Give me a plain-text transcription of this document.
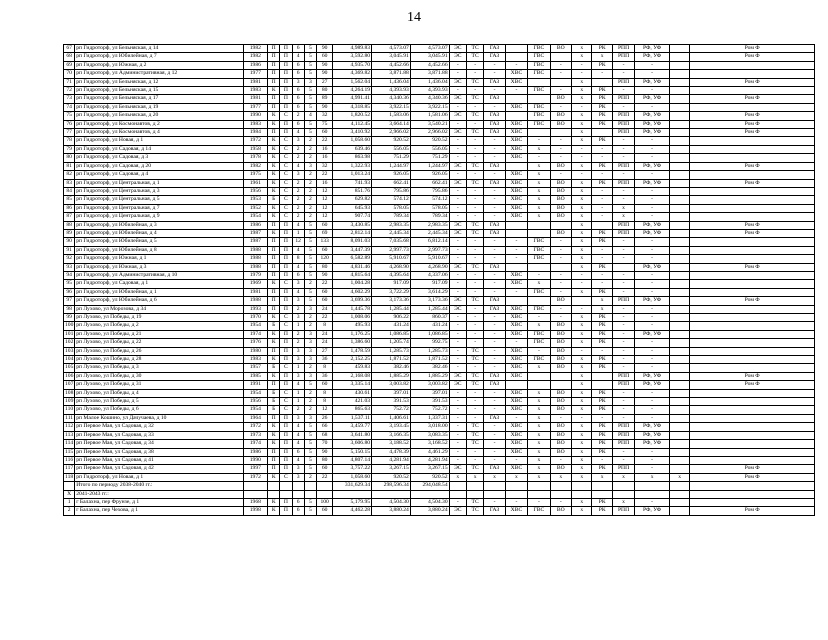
14
67	рп Гидроторф, ул Бельняская, д 14	1982	П	П	6	5	90	4,989.83	4,573.07	4,573.07	ЭС	ТС	ГАЗ		ГВС	ВО	х	РК	РПП	РФ, УФ		Ром Ф
68	рп Гидроторф, ул Юбилейная, д 7	1982	П	П	4	5	60	3,592.80	3,045.91	3,045.91	ЭС	ТС	ГАЗ		ГВС		х	х	РПП	РФ, УФ		Ром Ф
69	рп Гидроторф, ул Южная, д 2	1986	П	П	6	5	90	4,935.70	4,452.66	4,452.66	-	-	-	-	ГВС	-	-	РК	-	-		
70	рп Гидроторф, ул Административная, д 12	1977	П	П	6	5	90	4,369.82	3,871.88	3,871.88	-	-	-	ХВС	ГВС	-	-	-	-	-		
71	рп Гидроторф, ул Бельняская, д 12	1981	П	П	3	3	27	1,562.04	1,436.04	1,436.04	ЭС	ТС	ГАЗ	ХВС			х		РПП	РФ, УФ		Ром Ф
72	рп Гидроторф, ул Бельняская, д 15	1983	К	П	6	5	80	4,264.19	4,393.93	4,393.93	-	-	-	-	ГВС	-	х	РК	-	-		
73	рп Гидроторф, ул Бельняская, д 17	1981	П	П	6	5	89	4,991.41	4,340.36	4,340.36	ЭС	ТС	ГАЗ			ВО	х	РК	РПП	РФ, УФ		Ром Ф
74	рп Гидроторф, ул Бельняская, д 19	1977	П	П	6	5	90	4,318.85	3,922.15	3,922.15	-	-	-	ХВС	ГВС	-	-	РК	-	-		
75	рп Гидроторф, ул Бельняская, д 20	1990	К	С	2	4	32	1,820.52	1,583.06	1,581.06	ЭС	ТС	ГАЗ		ГВС	ВО	х	РК	РПП	РФ, УФ		Ром Ф
76	рп Гидроторф, ул Космонавтов, д 2	1983	К	П	6	5	75	4,112.45	3,664.14	3,540.21	-	-	ГАЗ	ХВС	ГВС	ВО	х	РК	РПП	РФ, УФ		Ром Ф
77	рп Гидроторф, ул Космонавтов, д 4	1984	П	П	4	5	60	3,410.92	2,966.02	2,966.02	ЭС	ТС	ГАЗ	ХВС			х		РПП	РФ, УФ		Ром Ф
78	рп Гидроторф, ул Новая, д 1	1972	К	С	3	2	22	1,058.60	920.52	920.52	-	-	-	ХВС	-	-	х	РК	-	-		
79	рп Гидроторф, ул Садовая, д 14	1958	К	С	2	2	16	639.46	556.05	556.05	-	-	-	ХВС	х	-	-	-	-	-		
80	рп Гидроторф, ул Садовая, д 3	1978	К	С	2	2	16	863.98	751.29	751.29	-	-	-	ХВС	-	-	-	-	-	-		
81	рп Гидроторф, ул Садовая, д 20	1982	К	С	4	3	32	1,322.93	1,244.97	1,244.97	ЭС	ТС	ГАЗ		х	ВО	х	РК	РПП	РФ, УФ		Ром Ф
82	рп Гидроторф, ул Садовая, д 4	1975	К	С	3	2	22	1,013.24	926.05	926.05	-	-	-	ХВС	х	-	-	-	-	-		
83	рп Гидроторф, ул Центральная, д 1	1961	К	С	2	2	16	741.93	662.41	662.41	ЭС	ТС	ГАЗ	ХВС	х	ВО	х	РК	РПП	РФ, УФ		Ром Ф
84	рп Гидроторф, ул Центральная, д 3	1956	К	С	2	2	12	851.76	795.86	795.86	-	-	-	ХВС	х	ВО	х	-	-	-		
85	рп Гидроторф, ул Центральная, д 5	1953	Б	С	2	2	12	629.82	574.12	574.12	-	-	-	ХВС	х	ВО	х	-	-	-		
86	рп Гидроторф, ул Центральная, д 7	1952	К	С	2	2	12	645.93	578.05	578.05	-	-	-	ХВС	х	ВО	х	-	х	-		
87	рп Гидроторф, ул Центральная, д 9	1954	К	С	2	2	12	907.74	789.34	789.34	-	-	-	ХВС	х	ВО	х	-	х	-		
88	рп Гидроторф, ул Юбилейная, д 3	1986	П	П	4	5	60	3,430.85	2,983.35	2,983.35	ЭС	ТС	ГАЗ				х		РПП	РФ, УФ		Ром Ф
89	рп Гидроторф, ул Юбилейная, д 4	1987	К	П	1	5	69	2,812.14	2,445.34	2,445.34	ЭС	ТС	ГАЗ			ВО	х	РК	РПП	РФ, УФ		Ром Ф
90	рп Гидроторф, ул Юбилейная, д 5	1987	П	П	12	5	133	8,091.03	7,035.68	6,812.14	-	-	-	-	ГВС	-	х	РК	-	-		
91	рп Гидроторф, ул Юбилейная, д 8	1988	П	П	4	5	60	3,447.39	2,997.73	2,997.73	-	-	-	-	ГВС	-	х	-	-	-		
92	рп Гидроторф, ул Южная, д 1	1988	П	П	8	5	120	6,582.89	5,910.67	5,910.67	-	-	-	-	ГВС	-	х	-	-	-		
93	рп Гидроторф, ул Южная, д 3	1988	П	П	4	5	80	4,831.46	4,268.90	4,268.90	ЭС	ТС	ГАЗ				х	РК		РФ, УФ		Ром Ф
94	рп Гидроторф, ул Административная, д 10	1979	П	П	6	5	90	4,815.64	4,395.64	4,337.06	-	-	-	ХВС	-	-	-	-	-	-		
95	рп Гидроторф, ул Садовая, д 1	1969	К	С	3	2	22	1,004.28	917.09	917.09	-	-	-	ХВС	х	-	-	-	-	-		
96	рп Гидроторф, ул Юбилейная, д 1	1981	П	П	4	5	60	4,602.29	3,722.29	3,614.29	-	-	-	-	ГВС	-	х	РК	-	-		
97	рп Гидроторф, ул Юбилейная, д 6	1988	П	П	3	5	60	3,699.36	3,173.36	3,173.36	ЭС	ТС	ГАЗ			ВО		х	РПП	РФ, УФ		Ром Ф
98	рп Лухово, ул Морозова, д 34	1993	П	П	2	3	24	1,445.78	1,285.44	1,285.44	ЭС	-	ГАЗ	ХВС	ГВС	-	-	х	-	-		
99	рп Лухово, ул Победы, д 19	1970	К	С	3	2	22	1,008.06	906.22	860.37	-	-	-	ХВС	-	-	х	РК	-	-		
100	рп Лухово, ул Победы, д 2	1954	Б	С	1	2	8	495.93	431.24	431.24	-	-	-	ХВС	х	ВО	х	РК	-	-		
101	рп Лухово, ул Победы, д 21	1974	К	П	2	3	24	1,176.25	1,086.85	1,086.85	-	-	-	ХВС	ГВС	ВО	х	РК	-	РФ, УФ		
102	рп Лухово, ул Победы, д 22	1976	К	П	2	3	24	1,386.60	1,205.74	992.75	-	-	-	-	ГВС	ВО	х	РК	-	-		
103	рп Лухово, ул Победы, д 26	1980	П	П	3	3	27	1,478.59	1,285.73	1,285.73	-	ТС	-	ХВС	-	ВО	-	-	-	-		
104	рп Лухово, ул Победы, д 28	1983	К	П	3	3	36	2,152.25	1,871.52	1,871.52	-	ТС	-	ХВС	ГВС	ВО	х	РК	-	-		
105	рп Лухово, ул Победы, д 3	1957	Б	С	1	2	8	459.83	382.46	382.46	-	-	-	ХВС	х	ВО	х	РК	-	-		
106	рп Лухово, ул Победы, д 30	1985	К	П	3	3	36	2,168.08	1,885.29	1,885.29	ЭС	ТС	ГАЗ	ХВС			х		РПП	РФ, УФ		Ром Ф
107	рп Лухово, ул Победы, д 31	1991	П	П	4	5	60	3,335.14	3,003.82	3,003.82	ЭС	ТС	ГАЗ				х		РПП	РФ, УФ		Ром Ф
108	рп Лухово, ул Победы, д 4	1954	Б	С	1	2	8	430.61	397.01	397.01	-	-	-	ХВС	х	ВО	х	РК	-	-		
109	рп Лухово, ул Победы, д 5	1956	Б	С	1	2	8	421.03	391.53	391.53	-	-	-	ХВС	х	ВО	х	РК	-	-		
110	рп Лухово, ул Победы, д 6	1954	Б	С	2	2	12	865.63	752.72	752.72	-	-	-	ХВС	х	ВО	х	РК	-	-		
111	рп Малое Кошино, ул Дачучаева, д 10	1964	П	П	3	3	26	1,537.11	1,406.61	1,337.31	-	-	ГАЗ	-	х	-	-	-	-	-		
112	рп Первое Мая, ул Садовая, д 32	1972	К	П	4	5	66	3,459.77	3,193.45	3,018.00	-	ТС	-	ХВС	х	ВО	х	РК	РПП	РФ, УФ		
113	рп Первое Мая, ул Садовая, д 33	1973	К	П	4	5	68	3,641.80	3,166.35	3,083.35	-	ТС	-	ХВС	х	ВО	х	РК	РПП	РФ, УФ		
114	рп Первое Мая, ул Садовая, д 34	1974	К	П	4	5	70	3,606.80	3,188.52	3,168.52	-	ТС	-	ХВС	х	ВО	х	РК	РПП	РФ, УФ		
115	рп Первое Мая, ул Садовая, д 38	1986	П	П	6	5	90	5,150.15	4,478.39	4,461.29	-	-	-	ХВС	х	ВО	х	РК	-	-		
116	рп Первое Мая, ул Садовая, д 41	1990	П	П	4	5	80	4,807.14	4,281.94	4,281.94	-	-	-	-	х	-	х	-	-	-		
117	рп Первое Мая, ул Садовая, д 42	1997	П	П	3	5	60	3,757.22	3,267.15	3,267.15	ЭС	ТС	ГАЗ	ХВС	х	ВО	х	РК	РПП	-		Ром Ф
118	рп Гидроторф, ул Новая, д 1	1972	К	С	3	2	22	1,058.60	920.52	920.52	х	х	х	х	х	х	х	х	х	х	х	Ром Ф
	Итого по периоду 2038-2040 гг.:							331,629.34	298,596.34	294,048.54												
X	2041-2043 гг.:																					
1	г Балахна, пер Фрунзе, д 1	1968	К	П	6	5	100	5,179.95	4,504.30	4,504.30	-	ТС	-	-	-	-	х	РК	х	-		
2	г Балахна, пер Чехова, д 1	1998	К	П	6	5	60	4,462.28	3,880.24	3,880.24	ЭС	ТС	ГАЗ	ХВС	ГВС	ВО	х	РК	РПП	РФ, УФ		Ром Ф
